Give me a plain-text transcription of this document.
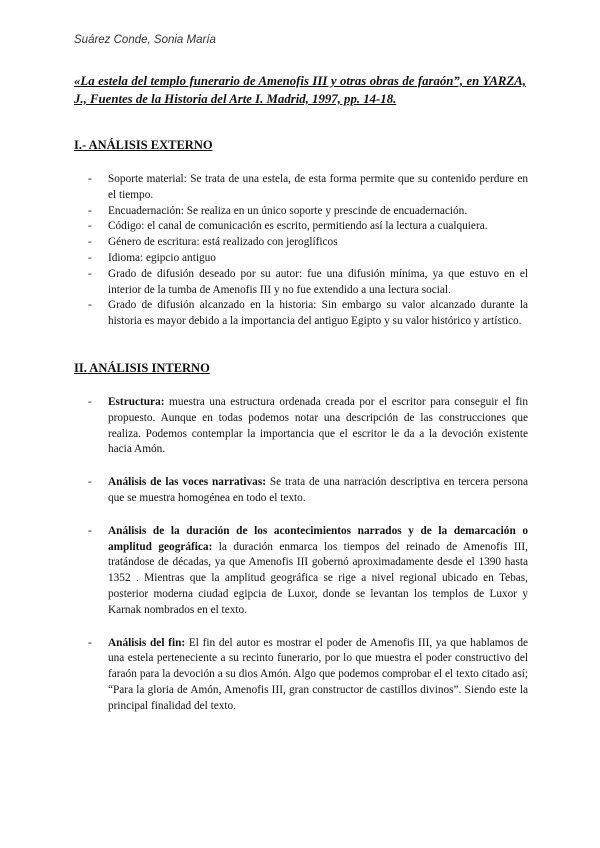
Suárez Conde, Sonia María
«La estela del templo funerario de Amenofis III y otras obras de faraón”, en YARZA, J., Fuentes de la Historia del Arte I. Madrid, 1997, pp. 14-18.
I.- ANÁLISIS EXTERNO
- Soporte material: Se trata de una estela, de esta forma permite que su contenido perdure en el tiempo.
- Encuadernación: Se realiza en un único soporte y prescinde de encuadernación.
- Código: el canal de comunicación es escrito, permitiendo así la lectura a cualquiera.
- Género de escritura: está realizado con jeroglíficos
- Idioma: egipcio antiguo
- Grado de difusión deseado por su autor: fue una difusión mínima, ya que estuvo en el interior de la tumba de Amenofis III y no fue extendido a una lectura social.
- Grado de difusión alcanzado en la historia: Sin embargo su valor alcanzado durante la historia es mayor debido a la importancia del antiguo Egipto y su valor histórico y artístico.
II. ANÁLISIS INTERNO
- Estructura: muestra una estructura ordenada creada por el escritor para conseguir el fin propuesto. Aunque en todas podemos notar una descripción de las construcciones que realiza. Podemos contemplar la importancia que el escritor le da a la devoción existente hacia Amón.
- Análisis de las voces narrativas: Se trata de una narración descriptiva en tercera persona que se muestra homogénea en todo el texto.
- Análisis de la duración de los acontecimientos narrados y de la demarcación o amplitud geográfica: la duración enmarca los tiempos del reinado de Amenofis III, tratándose de décadas, ya que Amenofis III gobernó aproximadamente desde el 1390 hasta 1352 . Mientras que la amplitud geográfica se rige a nivel regional ubicado en Tebas, posterior moderna ciudad egipcia de Luxor, donde se levantan los templos de Luxor y Karnak nombrados en el texto.
- Análisis del fin: El fin del autor es mostrar el poder de Amenofis III, ya que hablamos de una estela perteneciente a su recinto funerario, por lo que muestra el poder constructivo del faraón para la devoción a su dios Amón. Algo que podemos comprobar el el texto citado así; “Para la gloria de Amón, Amenofis III, gran constructor de castillos divinos”. Siendo este la principal finalidad del texto.
